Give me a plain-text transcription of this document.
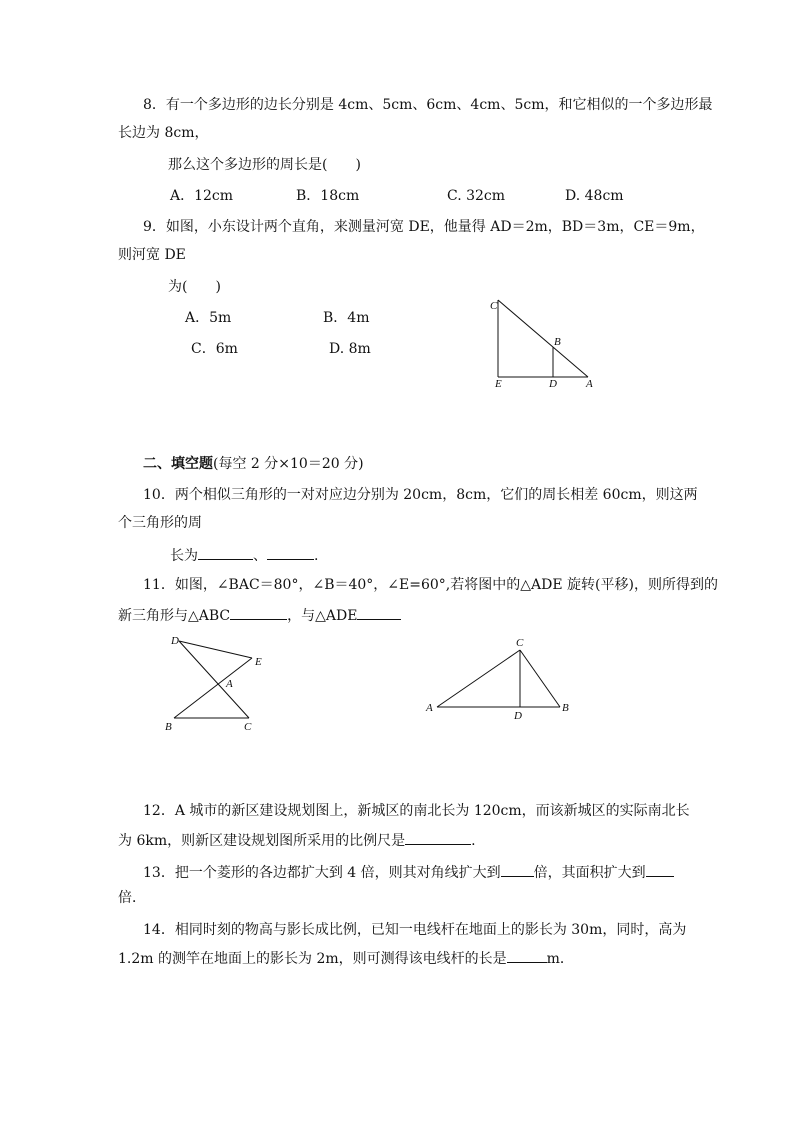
8．有一个多边形的边长分别是 4cm、5cm、6cm、4cm、5cm，和它相似的一个多边形最
长边为 8cm，
那么这个多边形的周长是(　　)
A．12cm	B．18cm	C. 32cm	D. 48cm
9．如图，小东设计两个直角，来测量河宽 DE，他量得 AD＝2m，BD＝3m，CE＝9m，
则河宽 DE
为(　　)
A．5m	B．4m
C．6m	D. 8m
C
B
E	D	A
二、填空题(每空 2 分×10＝20 分)
10．两个相似三角形的一对对应边分别为 20cm，8cm，它们的周长相差 60cm，则这两
个三角形的周
长为	、	.
11．如图，∠BAC＝80°，∠B＝40°，∠E=60°,若将图中的△ADE 旋转(平移)，则所得到的
新三角形与△ABC	，与△ADE
D
E
A
B	C
C
A
D
B
12．A 城市的新区建设规划图上，新城区的南北长为 120cm，而该新城区的实际南北长
为 6km，则新区建设规划图所采用的比例尺是	.
13．把一个菱形的各边都扩大到 4 倍，则其对角线扩大到 倍，其面积扩大到
倍．
14．相同时刻的物高与影长成比例，已知一电线杆在地面上的影长为 30m，同时，高为
1.2m 的测竿在地面上的影长为 2m，则可测得该电线杆的长是	m．
